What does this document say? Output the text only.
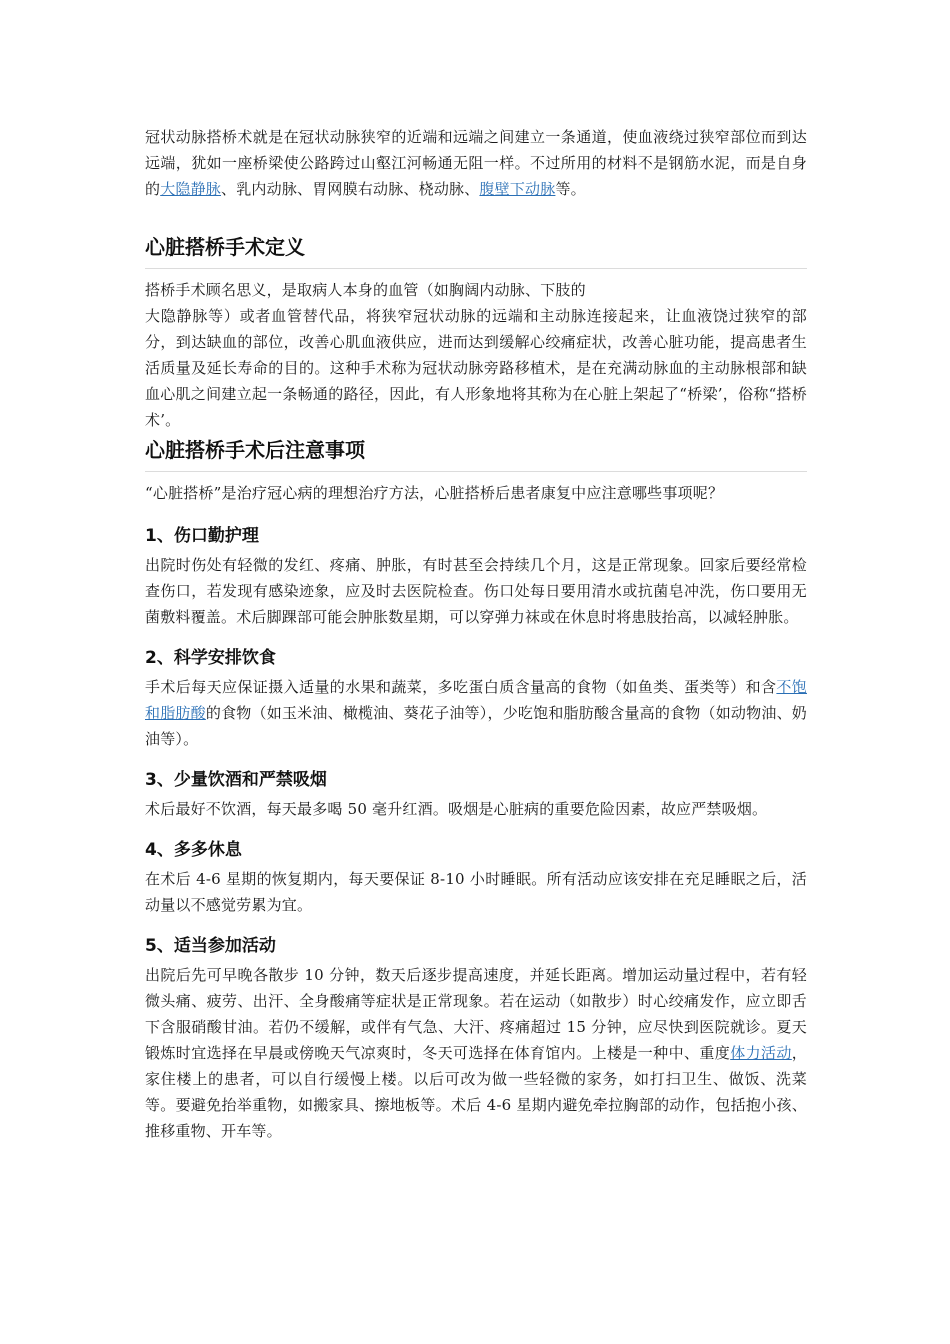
冠状动脉搭桥术就是在冠状动脉狭窄的近端和远端之间建立一条通道，使血液绕过狭窄部位而到达远端，犹如一座桥梁使公路跨过山壑江河畅通无阻一样。不过所用的材料不是钢筋水泥，而是自身的大隐静脉、乳内动脉、胃网膜右动脉、桡动脉、腹壁下动脉等。

心脏搭桥手术定义

搭桥手术顾名思义，是取病人本身的血管（如胸阔内动脉、下肢的
大隐静脉等）或者血管替代品，将狭窄冠状动脉的远端和主动脉连接起来，让血液饶过狭窄的部分，到达缺血的部位，改善心肌血液供应，进而达到缓解心绞痛症状，改善心脏功能，提高患者生活质量及延长寿命的目的。这种手术称为冠状动脉旁路移植术，是在充满动脉血的主动脉根部和缺血心肌之间建立起一条畅通的路径，因此，有人形象地将其称为在心脏上架起了“桥梁’，俗称“搭桥术’。

心脏搭桥手术后注意事项

“心脏搭桥”是治疗冠心病的理想治疗方法，心脏搭桥后患者康复中应注意哪些事项呢？

1、伤口勤护理

出院时伤处有轻微的发红、疼痛、肿胀，有时甚至会持续几个月，这是正常现象。回家后要经常检查伤口，若发现有感染迹象，应及时去医院检查。伤口处每日要用清水或抗菌皂冲洗，伤口要用无菌敷料覆盖。术后脚踝部可能会肿胀数星期，可以穿弹力袜或在休息时将患肢抬高，以减轻肿胀。

2、科学安排饮食

手术后每天应保证摄入适量的水果和蔬菜，多吃蛋白质含量高的食物（如鱼类、蛋类等）和含不饱和脂肪酸的食物（如玉米油、橄榄油、葵花子油等），少吃饱和脂肪酸含量高的食物（如动物油、奶油等）。

3、少量饮酒和严禁吸烟

术后最好不饮酒，每天最多喝 50 毫升红酒。吸烟是心脏病的重要危险因素，故应严禁吸烟。

4、多多休息

在术后 4-6 星期的恢复期内，每天要保证 8-10 小时睡眠。所有活动应该安排在充足睡眠之后，活动量以不感觉劳累为宜。

5、适当参加活动

出院后先可早晚各散步 10 分钟，数天后逐步提高速度，并延长距离。增加运动量过程中，若有轻微头痛、疲劳、出汗、全身酸痛等症状是正常现象。若在运动（如散步）时心绞痛发作，应立即舌下含服硝酸甘油。若仍不缓解，或伴有气急、大汗、疼痛超过 15 分钟，应尽快到医院就诊。夏天锻炼时宜选择在早晨或傍晚天气凉爽时，冬天可选择在体育馆内。上楼是一种中、重度体力活动，家住楼上的患者，可以自行缓慢上楼。以后可改为做一些轻微的家务，如打扫卫生、做饭、洗菜等。要避免抬举重物，如搬家具、擦地板等。术后 4-6 星期内避免牵拉胸部的动作，包括抱小孩、推移重物、开车等。
